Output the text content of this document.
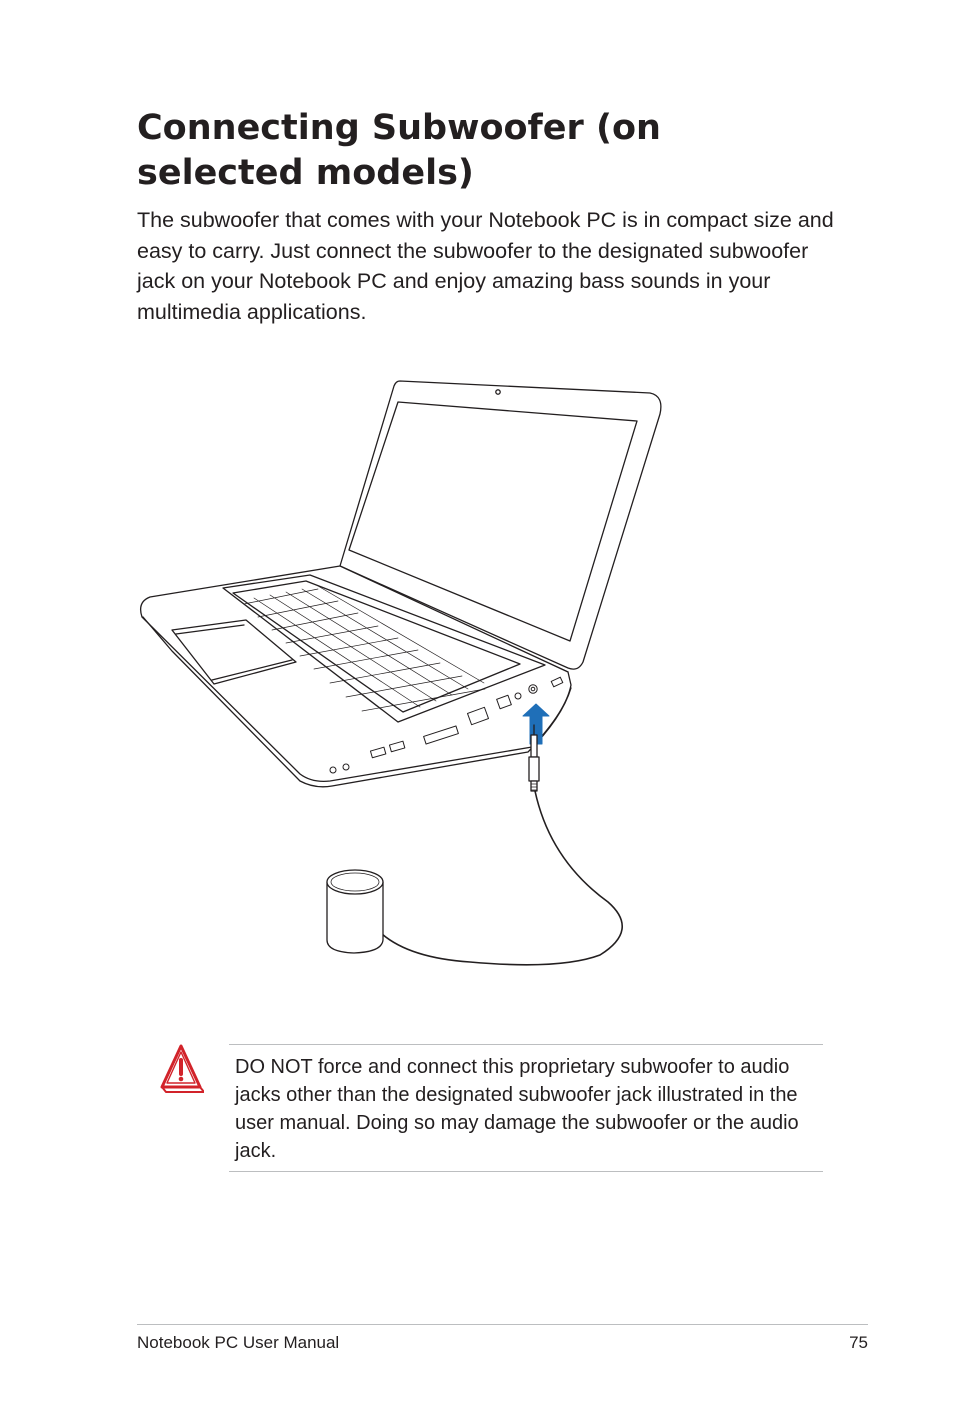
Connecting Subwoofer (on selected models)

The subwoofer that comes with your Notebook PC is in compact size and easy to carry. Just connect the subwoofer to the designated subwoofer jack on your Notebook PC and enjoy amazing bass sounds in your multimedia applications.

DO NOT force and connect this proprietary subwoofer to audio jacks other than the designated subwoofer jack illustrated in the user manual. Doing so may damage the subwoofer or the audio jack.

Notebook PC User Manual	75
